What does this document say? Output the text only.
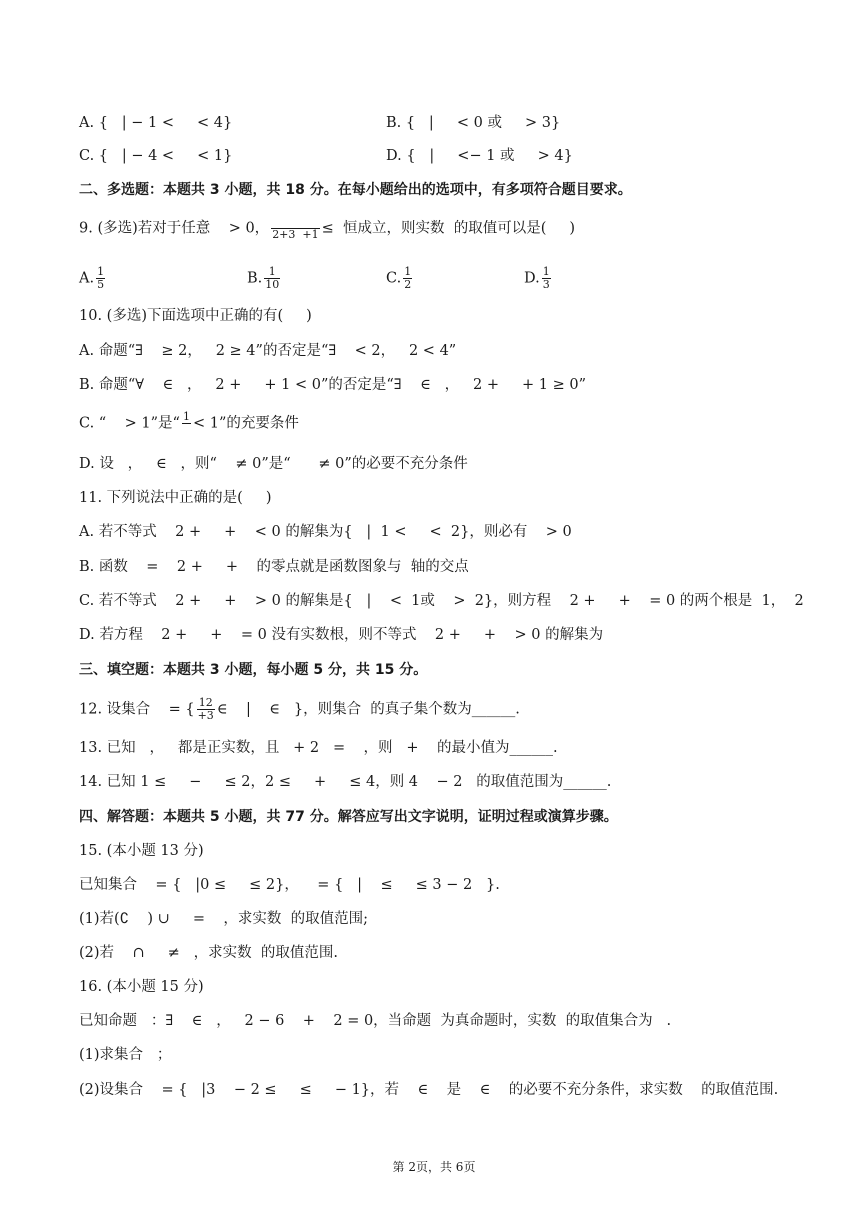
A. {   | − 1 <     < 4}	B. {   |     < 0 或     > 3}
C. {   | − 4 <     < 1}	D. {   |     <− 1 或     > 4}
二、多选题：本题共 3 小题，共 18 分。在每小题给出的选项中，有多项符合题目要求。
9. (多选)若对于任意    > 0，
2+3  +1 ≤  恒成立，则实数  的取值可以是(     )
A. $\frac{1}{5}$	B. $\frac{1}{10}$	C. $\frac{1}{2}$	D. $\frac{1}{3}$
10. (多选)下面选项中正确的有(     )
A. 命题“∃    ≥ 2，   2 ≥ 4”的否定是“∃    < 2，   2 < 4”
B. 命题“∀    ∈   ，   2 +     + 1 < 0”的否定是“∃    ∈   ，   2 +     + 1 ≥ 0”
C. “    > 1”是“ 1
< 1”的充要条件
D. 设   ，   ∈   ，则“    ≠ 0”是“      ≠ 0”的必要不充分条件
11. 下列说法中正确的是(     )
A. 若不等式    2 +     +    < 0 的解集为{   |  1 <     <  2}，则必有    > 0
B. 函数    =    2 +     +    的零点就是函数图象与  轴的交点
C. 若不等式    2 +     +    > 0 的解集是{   |    <  1或    >  2}，则方程    2 +     +    = 0 的两个根是  1，  2
D. 若方程    2 +     +    = 0 没有实数根，则不等式    2 +     +    > 0 的解集为
三、填空题：本题共 3 小题，每小题 5 分，共 15 分。
12. 设集合    = { $\frac{12}{+3}$ ∈    |    ∈   }，则集合  的真子集个数为______.
13. 已知   ，   都是正实数，且   + 2   =    ，则   +    的最小值为______.
14. 已知 1 ≤     −     ≤ 2，2 ≤     +     ≤ 4，则 4    − 2   的取值范围为______.
四、解答题：本题共 5 小题，共 77 分。解答应写出文字说明，证明过程或演算步骤。
15. (本小题 13 分)
已知集合    = {   |0 ≤     ≤ 2}，    = {   |    ≤     ≤ 3 − 2   }.
(1)若(∁    ) ∪     =    ，求实数  的取值范围;
(2)若    ∩     ≠   ，求实数  的取值范围.
16. (本小题 15 分)
已知命题   ：∃    ∈   ，   2 − 6    +    2 = 0，当命题  为真命题时，实数  的取值集合为   .
(1)求集合   ；
(2)设集合    = {   |3    − 2 ≤     ≤     − 1}，若    ∈    是    ∈    的必要不充分条件，求实数    的取值范围.
第 2页，共 6页
